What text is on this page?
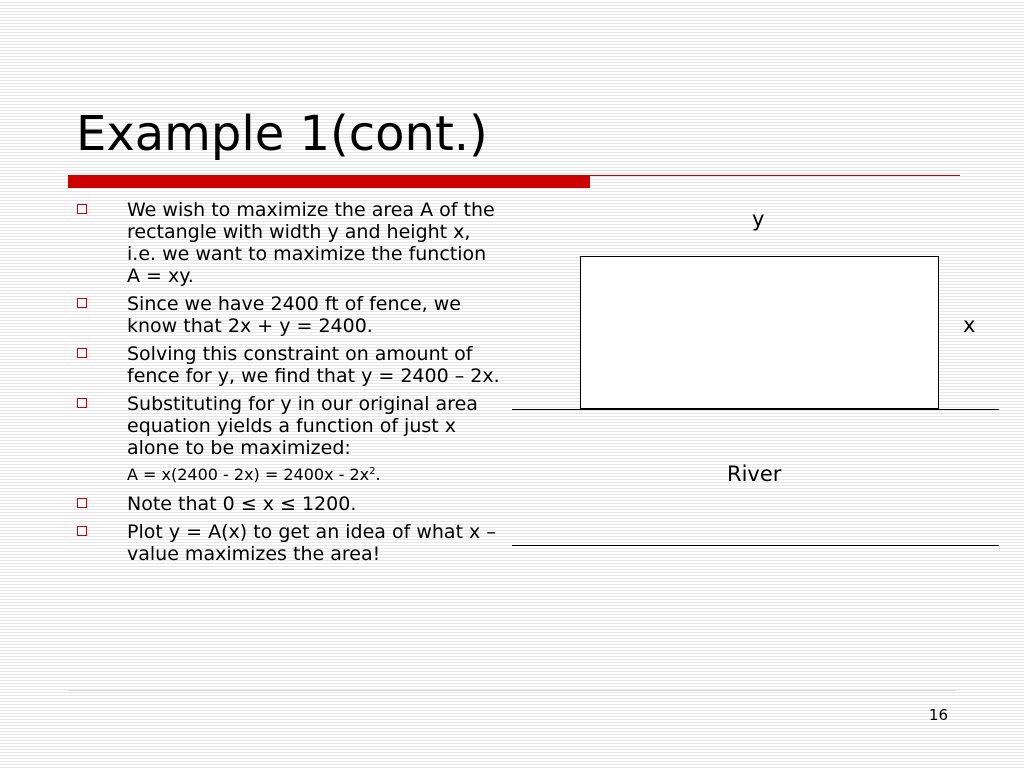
Example 1(cont.)
We wish to maximize the area A of the rectangle with width y and height x, i.e. we want to maximize the function A = xy.
Since we have 2400 ft of fence, we know that 2x + y = 2400.
Solving this constraint on amount of fence for y, we find that y = 2400 – 2x.
Substituting for y in our original area equation yields a function of just x alone to be maximized:
$A = x(2400 - 2x) = 2400x - 2x^2$.
Note that 0 ≤ x ≤ 1200.
Plot y = A(x) to get an idea of what x – value maximizes the area!
y
x
River
16
